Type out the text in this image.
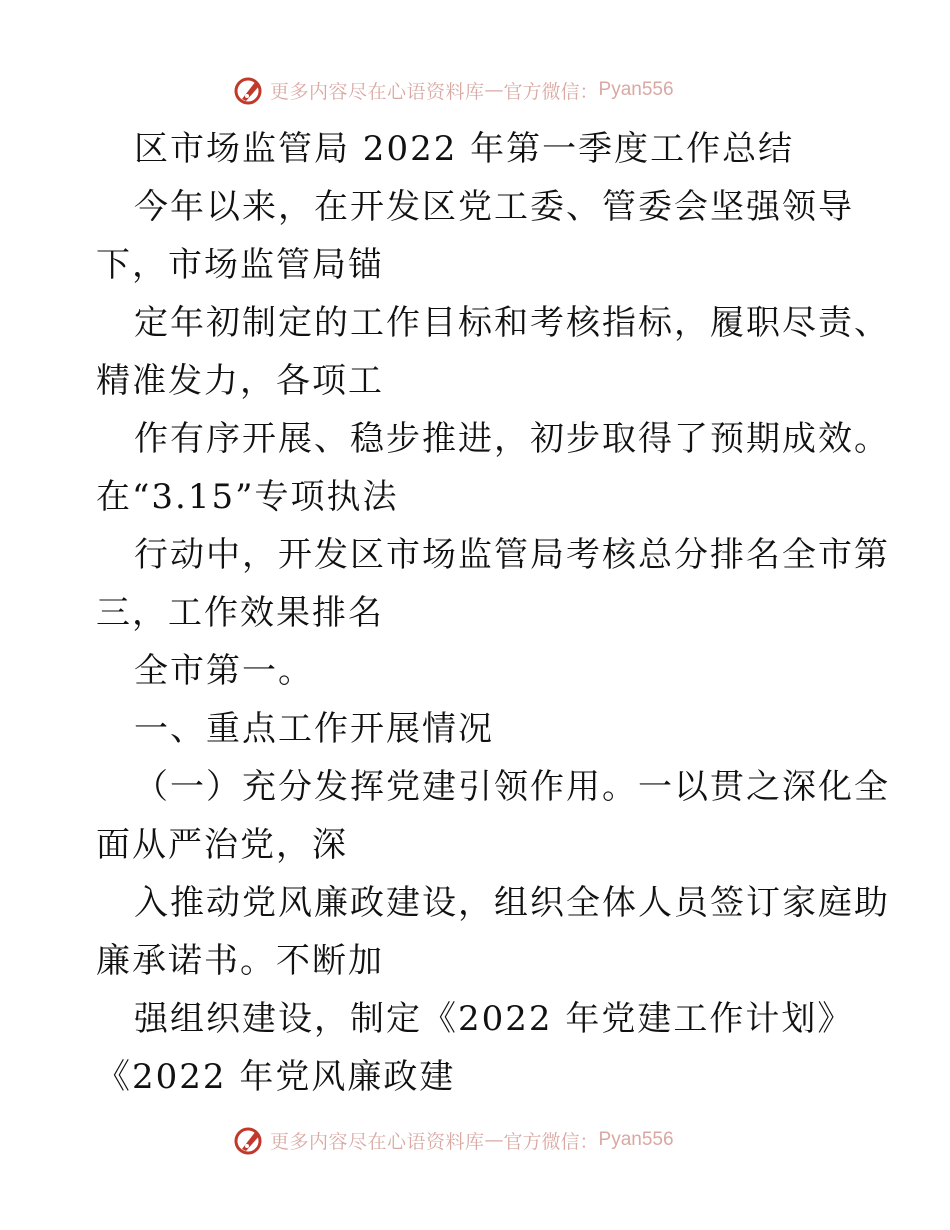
更多内容尽在心语资料库 — 官方微信： Pyan556
区市场监管局 2022 年第一季度工作总结
今年以来，在开发区党工委、管委会坚强领导
下，市场监管局锚
定年初制定的工作目标和考核指标，履职尽责、
精准发力，各项工
作有序开展、稳步推进，初步取得了预期成效。
在“3.15”专项执法
行动中，开发区市场监管局考核总分排名全市第
三，工作效果排名
全市第一。
一、重点工作开展情况
（一）充分发挥党建引领作用。一以贯之深化全
面从严治党，深
入推动党风廉政建设，组织全体人员签订家庭助
廉承诺书。不断加
强组织建设，制定《2022 年党建工作计划》
《2022 年党风廉政建
更多内容尽在心语资料库 — 官方微信： Pyan556
